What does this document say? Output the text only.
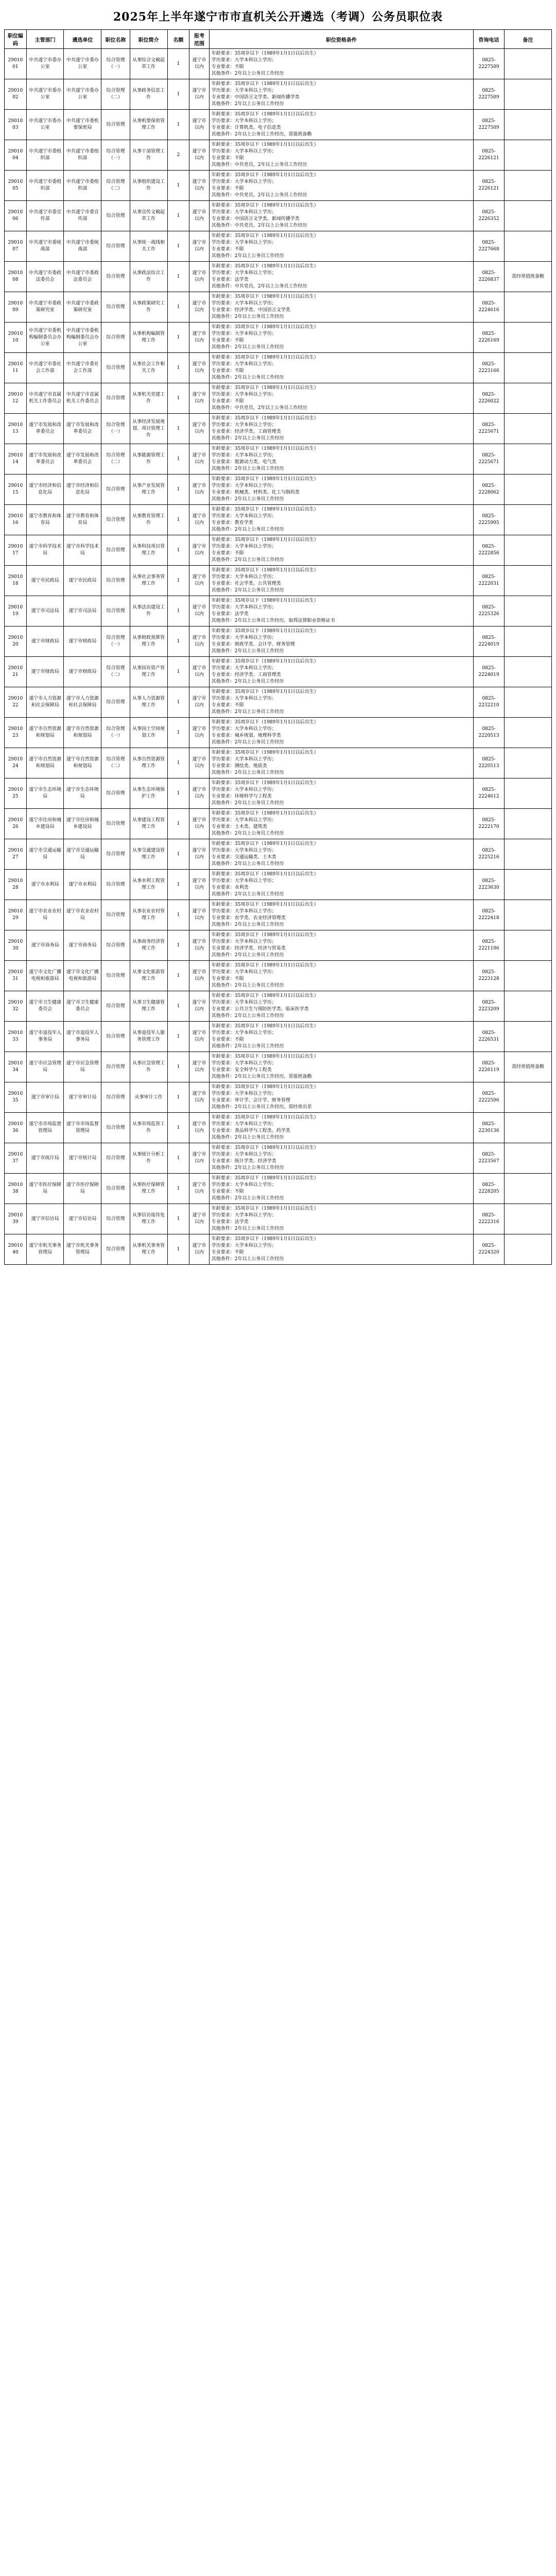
2025年上半年遂宁市市直机关公开遴选（考调）公务员职位表
职位编码	主管部门	遴选单位	职位名称	职位简介	名额	报考范围	职位资格条件	咨询电话	备注
2901001	中共遂宁市委办公室	中共遂宁市委办公室	综合管理（一）	从事综合文稿起草工作	1	遂宁市以内	年龄要求：35周岁以下（1989年1月1日以后出生）
学历要求：大学本科以上学历；
专业要求：不限
其他条件：2年以上公务员工作经历	0825-2227509	
2901002	中共遂宁市委办公室	中共遂宁市委办公室	综合管理（二）	从事政务信息工作	1	遂宁市以内	年龄要求：35周岁以下（1989年1月1日以后出生）
学历要求：大学本科以上学历；
专业要求：中国语言文学类、新闻传播学类
其他条件：2年以上公务员工作经历	0825-2227509	
2901003	中共遂宁市委办公室	中共遂宁市委机要保密局	综合管理	从事机要保密管理工作	1	遂宁市以内	年龄要求：35周岁以下（1989年1月1日以后出生）
学历要求：大学本科以上学历；
专业要求：计算机类、电子信息类
其他条件：2年以上公务员工作经历，需值班备勤	0825-2227509	
2901004	中共遂宁市委组织部	中共遂宁市委组织部	综合管理（一）	从事干部管理工作	2	遂宁市以内	年龄要求：35周岁以下（1989年1月1日以后出生）
学历要求：大学本科以上学历；
专业要求：不限
其他条件：中共党员，2年以上公务员工作经历	0825-2226121	
2901005	中共遂宁市委组织部	中共遂宁市委组织部	综合管理（二）	从事组织建设工作	1	遂宁市以内	年龄要求：35周岁以下（1989年1月1日以后出生）
学历要求：大学本科以上学历；
专业要求：不限
其他条件：中共党员，2年以上公务员工作经历	0825-2226121	
2901006	中共遂宁市委宣传部	中共遂宁市委宣传部	综合管理	从事宣传文稿起草工作	1	遂宁市以内	年龄要求：35周岁以下（1989年1月1日以后出生）
学历要求：大学本科以上学历；
专业要求：中国语言文学类、新闻传播学类
其他条件：中共党员，2年以上公务员工作经历	0825-2226352	
2901007	中共遂宁市委统战部	中共遂宁市委统战部	综合管理	从事统一战线相关工作	1	遂宁市以内	年龄要求：35周岁以下（1989年1月1日以后出生）
学历要求：大学本科以上学历；
专业要求：不限
其他条件：2年以上公务员工作经历	0825-2227668	
2901008	中共遂宁市委政法委员会	中共遂宁市委政法委员会	综合管理	从事政法综合工作	1	遂宁市以内	年龄要求：35周岁以下（1989年1月1日以后出生）
学历要求：大学本科以上学历；
专业要求：法学类
其他条件：中共党员，2年以上公务员工作经历	0825-2226837	需经常值班备勤
2901009	中共遂宁市委政策研究室	中共遂宁市委政策研究室	综合管理	从事政策研究工作	1	遂宁市以内	年龄要求：35周岁以下（1989年1月1日以后出生）
学历要求：大学本科以上学历；
专业要求：经济学类、中国语言文学类
其他条件：2年以上公务员工作经历	0825-2224616	
2901010	中共遂宁市委机构编制委员会办公室	中共遂宁市委机构编制委员会办公室	综合管理	从事机构编制管理工作	1	遂宁市以内	年龄要求：35周岁以下（1989年1月1日以后出生）
学历要求：大学本科以上学历；
专业要求：不限
其他条件：2年以上公务员工作经历	0825-2226169	
2901011	中共遂宁市委社会工作部	中共遂宁市委社会工作部	综合管理	从事社会工作相关工作	1	遂宁市以内	年龄要求：35周岁以下（1989年1月1日以后出生）
学历要求：大学本科以上学历；
专业要求：不限
其他条件：2年以上公务员工作经历	0825-2223166	
2901012	中共遂宁市直属机关工作委员会	中共遂宁市直属机关工作委员会	综合管理	从事机关党建工作	1	遂宁市以内	年龄要求：35周岁以下（1989年1月1日以后出生）
学历要求：大学本科以上学历；
专业要求：不限
其他条件：中共党员，2年以上公务员工作经历	0825-2226022	
2901013	遂宁市发展和改革委员会	遂宁市发展和改革委员会	综合管理（一）	从事经济发展规划、项目管理工作	1	遂宁市以内	年龄要求：35周岁以下（1989年1月1日以后出生）
学历要求：大学本科以上学历；
专业要求：经济学类、工商管理类
其他条件：2年以上公务员工作经历	0825-2225671	
2901014	遂宁市发展和改革委员会	遂宁市发展和改革委员会	综合管理（二）	从事能源管理工作	1	遂宁市以内	年龄要求：35周岁以下（1989年1月1日以后出生）
学历要求：大学本科以上学历；
专业要求：能源动力类、电气类
其他条件：2年以上公务员工作经历	0825-2225671	
2901015	遂宁市经济和信息化局	遂宁市经济和信息化局	综合管理	从事产业发展管理工作	1	遂宁市以内	年龄要求：35周岁以下（1989年1月1日以后出生）
学历要求：大学本科以上学历；
专业要求：机械类、材料类、化工与制药类
其他条件：2年以上公务员工作经历	0825-2228062	
2901016	遂宁市教育和体育局	遂宁市教育和体育局	综合管理	从事教育管理工作	1	遂宁市以内	年龄要求：35周岁以下（1989年1月1日以后出生）
学历要求：大学本科以上学历；
专业要求：教育学类
其他条件：2年以上公务员工作经历	0825-2225905	
2901017	遂宁市科学技术局	遂宁市科学技术局	综合管理	从事科技项目管理工作	1	遂宁市以内	年龄要求：35周岁以下（1989年1月1日以后出生）
学历要求：大学本科以上学历；
专业要求：不限
其他条件：2年以上公务员工作经历	0825-2222856	
2901018	遂宁市民政局	遂宁市民政局	综合管理	从事社会事务管理工作	1	遂宁市以内	年龄要求：35周岁以下（1989年1月1日以后出生）
学历要求：大学本科以上学历；
专业要求：社会学类、公共管理类
其他条件：2年以上公务员工作经历	0825-2222031	
2901019	遂宁市司法局	遂宁市司法局	综合管理	从事法治建设工作	1	遂宁市以内	年龄要求：35周岁以下（1989年1月1日以后出生）
学历要求：大学本科以上学历；
专业要求：法学类
其他条件：2年以上公务员工作经历，取得法律职业资格证书	0825-2225326	
2901020	遂宁市财政局	遂宁市财政局	综合管理（一）	从事财政预算管理工作	1	遂宁市以内	年龄要求：35周岁以下（1989年1月1日以后出生）
学历要求：大学本科以上学历；
专业要求：财政学类、会计学、财务管理
其他条件：2年以上公务员工作经历	0825-2224019	
2901021	遂宁市财政局	遂宁市财政局	综合管理（二）	从事国有资产管理工作	1	遂宁市以内	年龄要求：35周岁以下（1989年1月1日以后出生）
学历要求：大学本科以上学历；
专业要求：经济学类、工商管理类
其他条件：2年以上公务员工作经历	0825-2224019	
2901022	遂宁市人力资源和社会保障局	遂宁市人力资源和社会保障局	综合管理	从事人力资源管理工作	1	遂宁市以内	年龄要求：35周岁以下（1989年1月1日以后出生）
学历要求：大学本科以上学历；
专业要求：不限
其他条件：2年以上公务员工作经历	0825-2232210	
2901023	遂宁市自然资源和规划局	遂宁市自然资源和规划局	综合管理（一）	从事国土空间规划工作	1	遂宁市以内	年龄要求：35周岁以下（1989年1月1日以后出生）
学历要求：大学本科以上学历；
专业要求：城乡规划、地理科学类
其他条件：2年以上公务员工作经历	0825-2220513	
2901024	遂宁市自然资源和规划局	遂宁市自然资源和规划局	综合管理（二）	从事自然资源管理工作	1	遂宁市以内	年龄要求：35周岁以下（1989年1月1日以后出生）
学历要求：大学本科以上学历；
专业要求：测绘类、地质类
其他条件：2年以上公务员工作经历	0825-2220513	
2901025	遂宁市生态环境局	遂宁市生态环境局	综合管理	从事生态环境保护工作	1	遂宁市以内	年龄要求：35周岁以下（1989年1月1日以后出生）
学历要求：大学本科以上学历；
专业要求：环境科学与工程类
其他条件：2年以上公务员工作经历	0825-2224612	
2901026	遂宁市住房和城乡建设局	遂宁市住房和城乡建设局	综合管理	从事建设工程管理工作	1	遂宁市以内	年龄要求：35周岁以下（1989年1月1日以后出生）
学历要求：大学本科以上学历；
专业要求：土木类、建筑类
其他条件：2年以上公务员工作经历	0825-2222170	
2901027	遂宁市交通运输局	遂宁市交通运输局	综合管理	从事交通建设管理工作	1	遂宁市以内	年龄要求：35周岁以下（1989年1月1日以后出生）
学历要求：大学本科以上学历；
专业要求：交通运输类、土木类
其他条件：2年以上公务员工作经历	0825-2225216	
2901028	遂宁市水利局	遂宁市水利局	综合管理	从事水利工程管理工作	1	遂宁市以内	年龄要求：35周岁以下（1989年1月1日以后出生）
学历要求：大学本科以上学历；
专业要求：水利类
其他条件：2年以上公务员工作经历	0825-2223630	
2901029	遂宁市农业农村局	遂宁市农业农村局	综合管理	从事农业农村管理工作	1	遂宁市以内	年龄要求：35周岁以下（1989年1月1日以后出生）
学历要求：大学本科以上学历；
专业要求：农学类、农业经济管理类
其他条件：2年以上公务员工作经历	0825-2222418	
2901030	遂宁市商务局	遂宁市商务局	综合管理	从事商务经济管理工作	1	遂宁市以内	年龄要求：35周岁以下（1989年1月1日以后出生）
学历要求：大学本科以上学历；
专业要求：经济学类、经济与贸易类
其他条件：2年以上公务员工作经历	0825-2221106	
2901031	遂宁市文化广播电视和旅游局	遂宁市文化广播电视和旅游局	综合管理	从事文化旅游管理工作	1	遂宁市以内	年龄要求：35周岁以下（1989年1月1日以后出生）
学历要求：大学本科以上学历；
专业要求：不限
其他条件：2年以上公务员工作经历	0825-2223128	
2901032	遂宁市卫生健康委员会	遂宁市卫生健康委员会	综合管理	从事卫生健康管理工作	1	遂宁市以内	年龄要求：35周岁以下（1989年1月1日以后出生）
学历要求：大学本科以上学历；
专业要求：公共卫生与预防医学类、临床医学类
其他条件：2年以上公务员工作经历	0825-2223209	
2901033	遂宁市退役军人事务局	遂宁市退役军人事务局	综合管理	从事退役军人服务管理工作	1	遂宁市以内	年龄要求：35周岁以下（1989年1月1日以后出生）
学历要求：大学本科以上学历；
专业要求：不限
其他条件：2年以上公务员工作经历	0825-2226531	
2901034	遂宁市应急管理局	遂宁市应急管理局	综合管理	从事应急管理工作	1	遂宁市以内	年龄要求：35周岁以下（1989年1月1日以后出生）
学历要求：大学本科以上学历；
专业要求：安全科学与工程类
其他条件：2年以上公务员工作经历，需值班备勤	0825-2226119	需经常值班备勤
2901035	遂宁市审计局	遂宁市审计局	综合管理	从事审计工作	1	遂宁市以内	年龄要求：35周岁以下（1989年1月1日以后出生）
学历要求：大学本科以上学历；
专业要求：审计学、会计学、财务管理
其他条件：2年以上公务员工作经历，需经常出差	0825-2222506	
2901036	遂宁市市场监督管理局	遂宁市市场监督管理局	综合管理	从事市场监管工作	1	遂宁市以内	年龄要求：35周岁以下（1989年1月1日以后出生）
学历要求：大学本科以上学历；
专业要求：食品科学与工程类、药学类
其他条件：2年以上公务员工作经历	0825-2230136	
2901037	遂宁市统计局	遂宁市统计局	综合管理	从事统计分析工作	1	遂宁市以内	年龄要求：35周岁以下（1989年1月1日以后出生）
学历要求：大学本科以上学历；
专业要求：统计学类、经济学类
其他条件：2年以上公务员工作经历	0825-2223567	
2901038	遂宁市医疗保障局	遂宁市医疗保障局	综合管理	从事医疗保障管理工作	1	遂宁市以内	年龄要求：35周岁以下（1989年1月1日以后出生）
学历要求：大学本科以上学历；
专业要求：不限
其他条件：2年以上公务员工作经历	0825-2228205	
2901039	遂宁市信访局	遂宁市信访局	综合管理	从事信访接待处理工作	1	遂宁市以内	年龄要求：35周岁以下（1989年1月1日以后出生）
学历要求：大学本科以上学历；
专业要求：法学类
其他条件：2年以上公务员工作经历	0825-2222316	
2901040	遂宁市机关事务管理局	遂宁市机关事务管理局	综合管理	从事机关事务管理工作	1	遂宁市以内	年龄要求：35周岁以下（1989年1月1日以后出生）
学历要求：大学本科以上学历；
专业要求：不限
其他条件：2年以上公务员工作经历	0825-2224320	
